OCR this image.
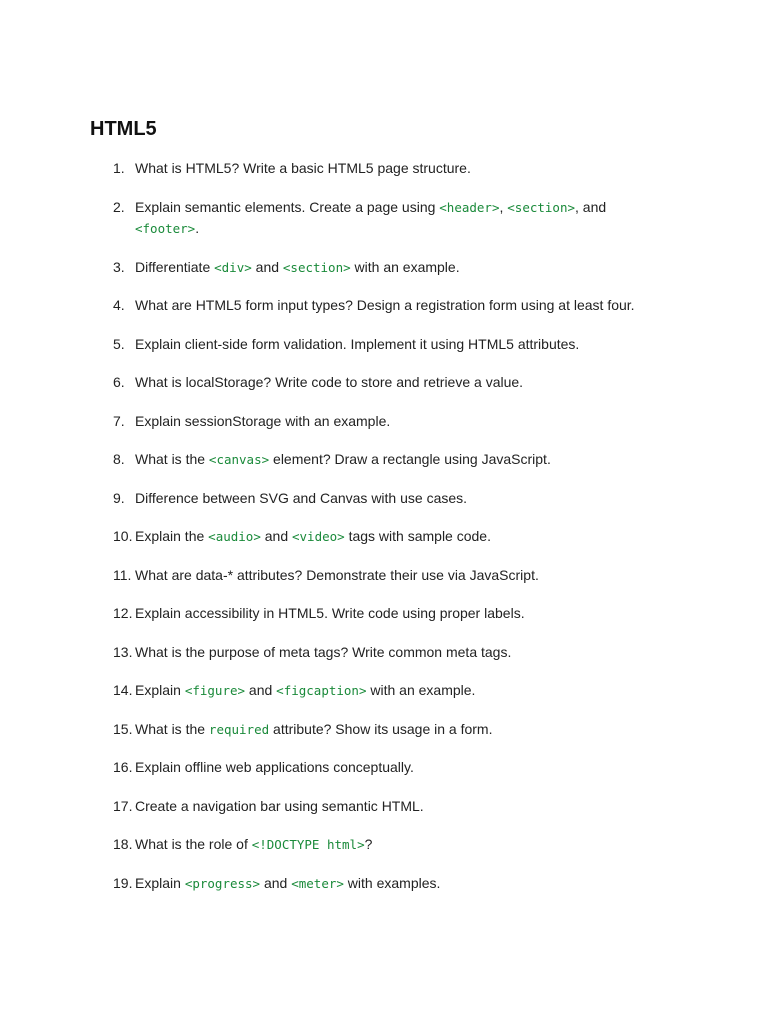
HTML5
1. What is HTML5? Write a basic HTML5 page structure.
2. Explain semantic elements. Create a page using <header>, <section>, and <footer>.
3. Differentiate <div> and <section> with an example.
4. What are HTML5 form input types? Design a registration form using at least four.
5. Explain client-side form validation. Implement it using HTML5 attributes.
6. What is localStorage? Write code to store and retrieve a value.
7. Explain sessionStorage with an example.
8. What is the <canvas> element? Draw a rectangle using JavaScript.
9. Difference between SVG and Canvas with use cases.
10. Explain the <audio> and <video> tags with sample code.
11. What are data-* attributes? Demonstrate their use via JavaScript.
12. Explain accessibility in HTML5. Write code using proper labels.
13. What is the purpose of meta tags? Write common meta tags.
14. Explain <figure> and <figcaption> with an example.
15. What is the required attribute? Show its usage in a form.
16. Explain offline web applications conceptually.
17. Create a navigation bar using semantic HTML.
18. What is the role of <!DOCTYPE html>?
19. Explain <progress> and <meter> with examples.
